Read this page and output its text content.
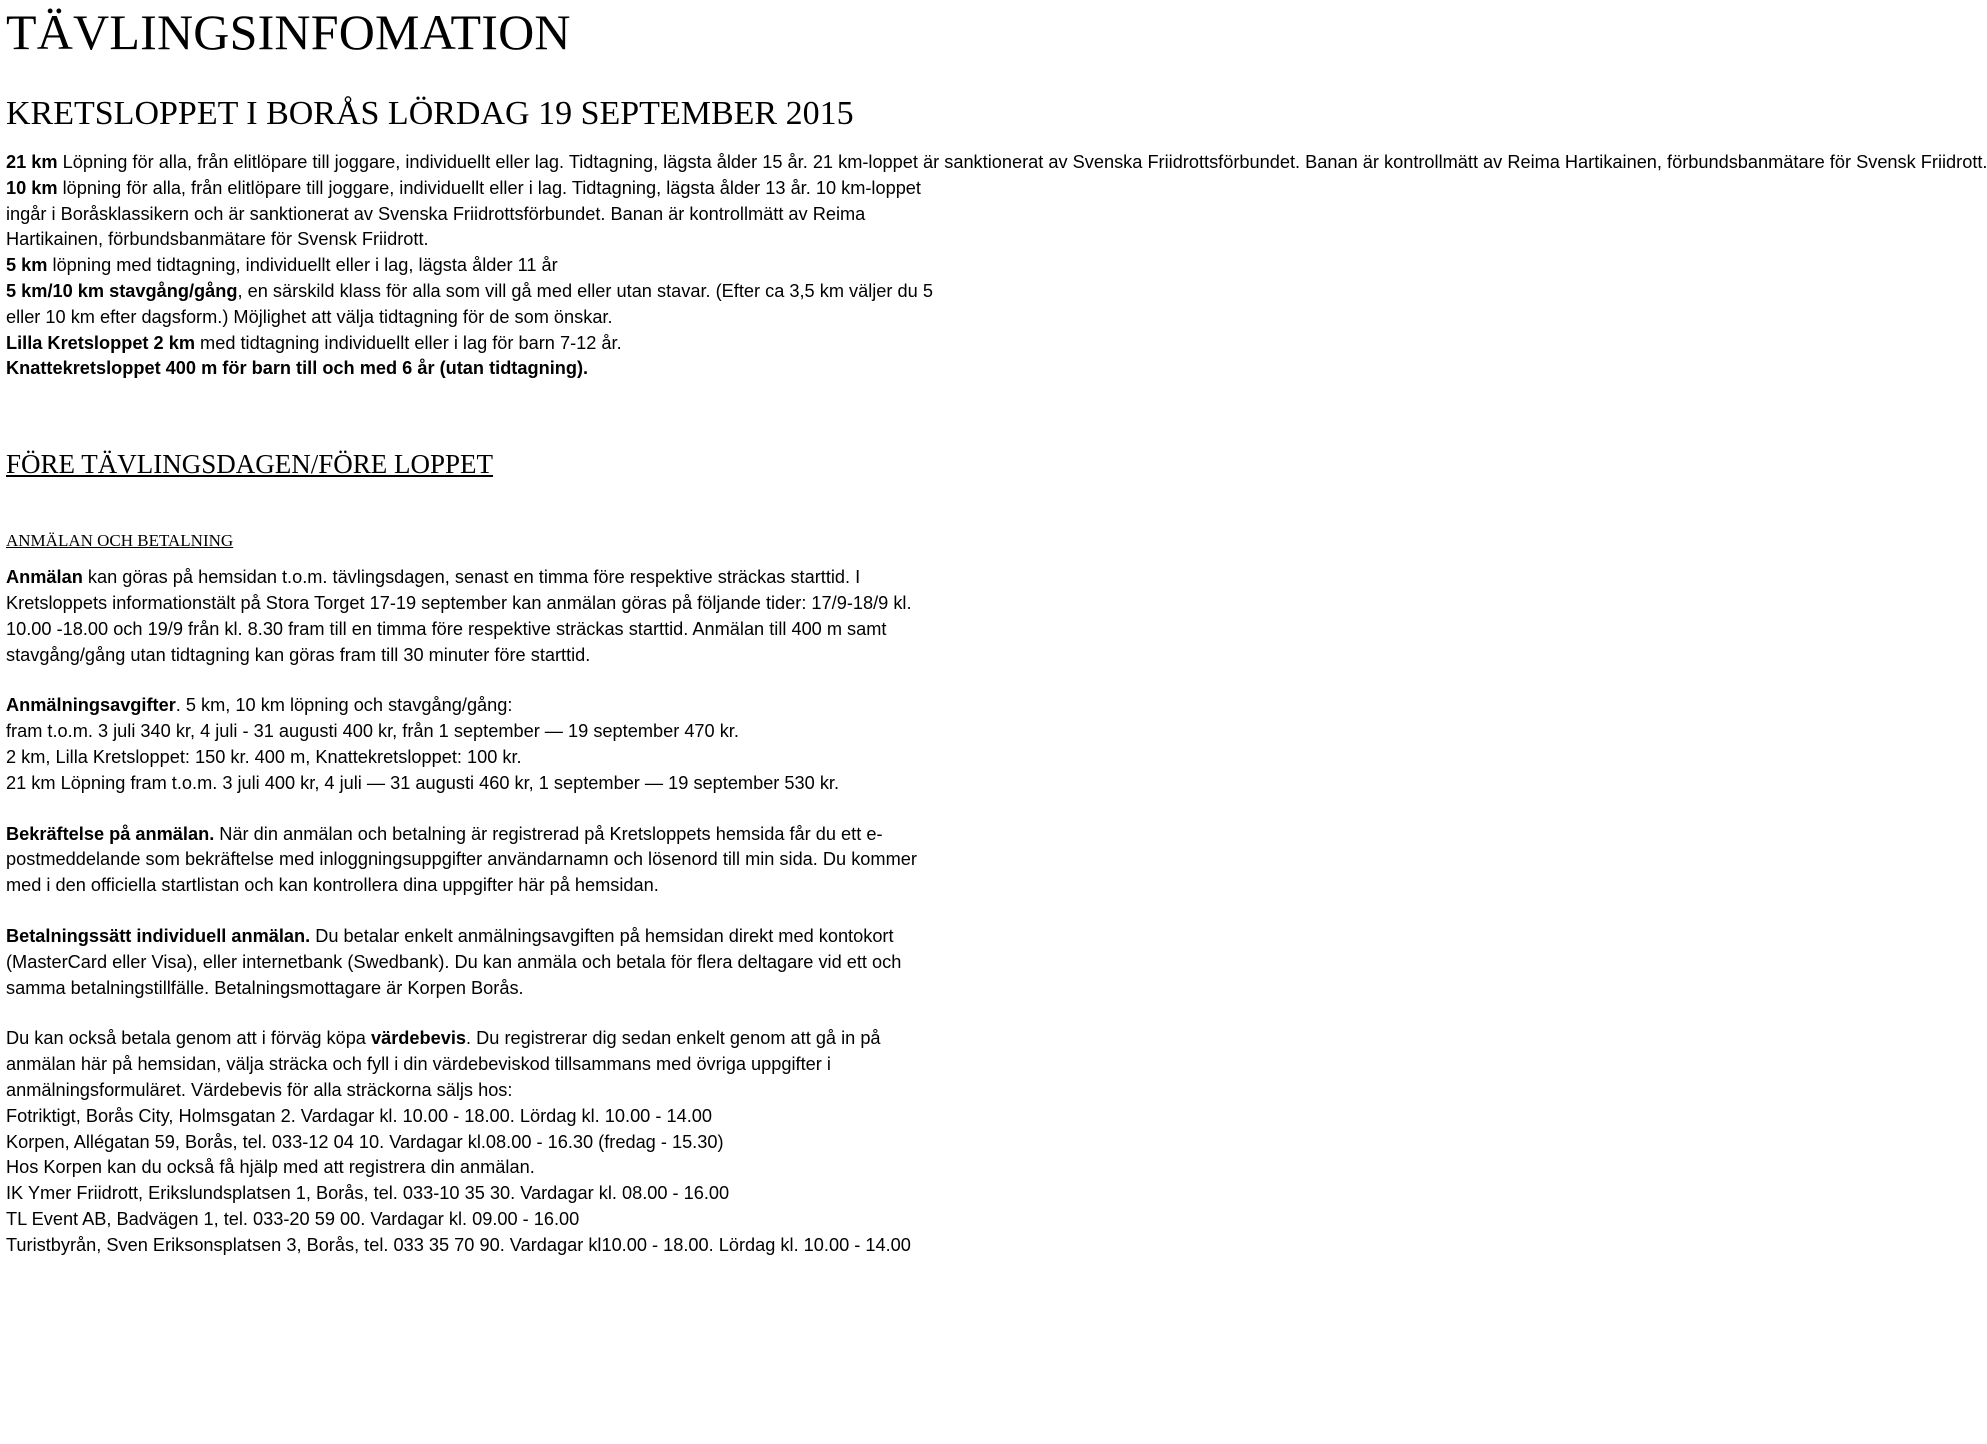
TÄVLINGSINFOMATION
KRETSLOPPET I BORÅS LÖRDAG 19 SEPTEMBER 2015

21 km Löpning för alla, från elitlöpare till joggare, individuellt eller lag. Tidtagning, lägsta ålder 15 år. 21 km-loppet är sanktionerat av Svenska Friidrottsförbundet. Banan är kontrollmätt av Reima Hartikainen, förbundsbanmätare för Svensk Friidrott.
10 km löpning för alla, från elitlöpare till joggare, individuellt eller i lag. Tidtagning, lägsta ålder 13 år. 10 km-loppet ingår i Boråsklassikern och är sanktionerat av Svenska Friidrottsförbundet. Banan är kontrollmätt av Reima Hartikainen, förbundsbanmätare för Svensk Friidrott.
5 km löpning med tidtagning, individuellt eller i lag, lägsta ålder 11 år
5 km/10 km stavgång/gång, en särskild klass för alla som vill gå med eller utan stavar. (Efter ca 3,5 km väljer du 5 eller 10 km efter dagsform.) Möjlighet att välja tidtagning för de som önskar.
Lilla Kretsloppet 2 km med tidtagning individuellt eller i lag för barn 7-12 år.
Knattekretsloppet 400 m för barn till och med 6 år (utan tidtagning).

FÖRE TÄVLINGSDAGEN/FÖRE LOPPET
ANMÄLAN OCH BETALNING

Anmälan kan göras på hemsidan t.o.m. tävlingsdagen, senast en timma före respektive sträckas starttid. I Kretsloppets informationstält på Stora Torget 17-19 september kan anmälan göras på följande tider: 17/9-18/9 kl. 10.00 -18.00 och 19/9 från kl. 8.30 fram till en timma före respektive sträckas starttid. Anmälan till 400 m samt stavgång/gång utan tidtagning kan göras fram till 30 minuter före starttid.

Anmälningsavgifter. 5 km, 10 km löpning och stavgång/gång:
fram t.o.m. 3 juli 340 kr, 4 juli - 31 augusti 400 kr, från 1 september — 19 september 470 kr.
2 km, Lilla Kretsloppet: 150 kr. 400 m, Knattekretsloppet: 100 kr.
21 km Löpning fram t.o.m. 3 juli 400 kr, 4 juli — 31 augusti 460 kr, 1 september — 19 september 530 kr.

Bekräftelse på anmälan. När din anmälan och betalning är registrerad på Kretsloppets hemsida får du ett e-postmeddelande som bekräftelse med inloggningsuppgifter användarnamn och lösenord till min sida. Du kommer med i den officiella startlistan och kan kontrollera dina uppgifter här på hemsidan.

Betalningssätt individuell anmälan. Du betalar enkelt anmälningsavgiften på hemsidan direkt med kontokort (MasterCard eller Visa), eller internetbank (Swedbank). Du kan anmäla och betala för flera deltagare vid ett och samma betalningstillfälle. Betalningsmottagare är Korpen Borås.

Du kan också betala genom att i förväg köpa värdebevis. Du registrerar dig sedan enkelt genom att gå in på anmälan här på hemsidan, välja sträcka och fyll i din värdebeviskod tillsammans med övriga uppgifter i anmälningsformuläret. Värdebevis för alla sträckorna säljs hos:
Fotriktigt, Borås City, Holmsgatan 2. Vardagar kl. 10.00 - 18.00. Lördag kl. 10.00 - 14.00
Korpen, Allégatan 59, Borås, tel. 033-12 04 10. Vardagar kl.08.00 - 16.30 (fredag - 15.30)
Hos Korpen kan du också få hjälp med att registrera din anmälan.
IK Ymer Friidrott, Erikslundsplatsen 1, Borås, tel. 033-10 35 30. Vardagar kl. 08.00 - 16.00
TL Event AB, Badvägen 1, tel. 033-20 59 00. Vardagar kl. 09.00 - 16.00
Turistbyrån, Sven Eriksonsplatsen 3, Borås, tel. 033 35 70 90. Vardagar kl10.00 - 18.00. Lördag kl. 10.00 - 14.00
